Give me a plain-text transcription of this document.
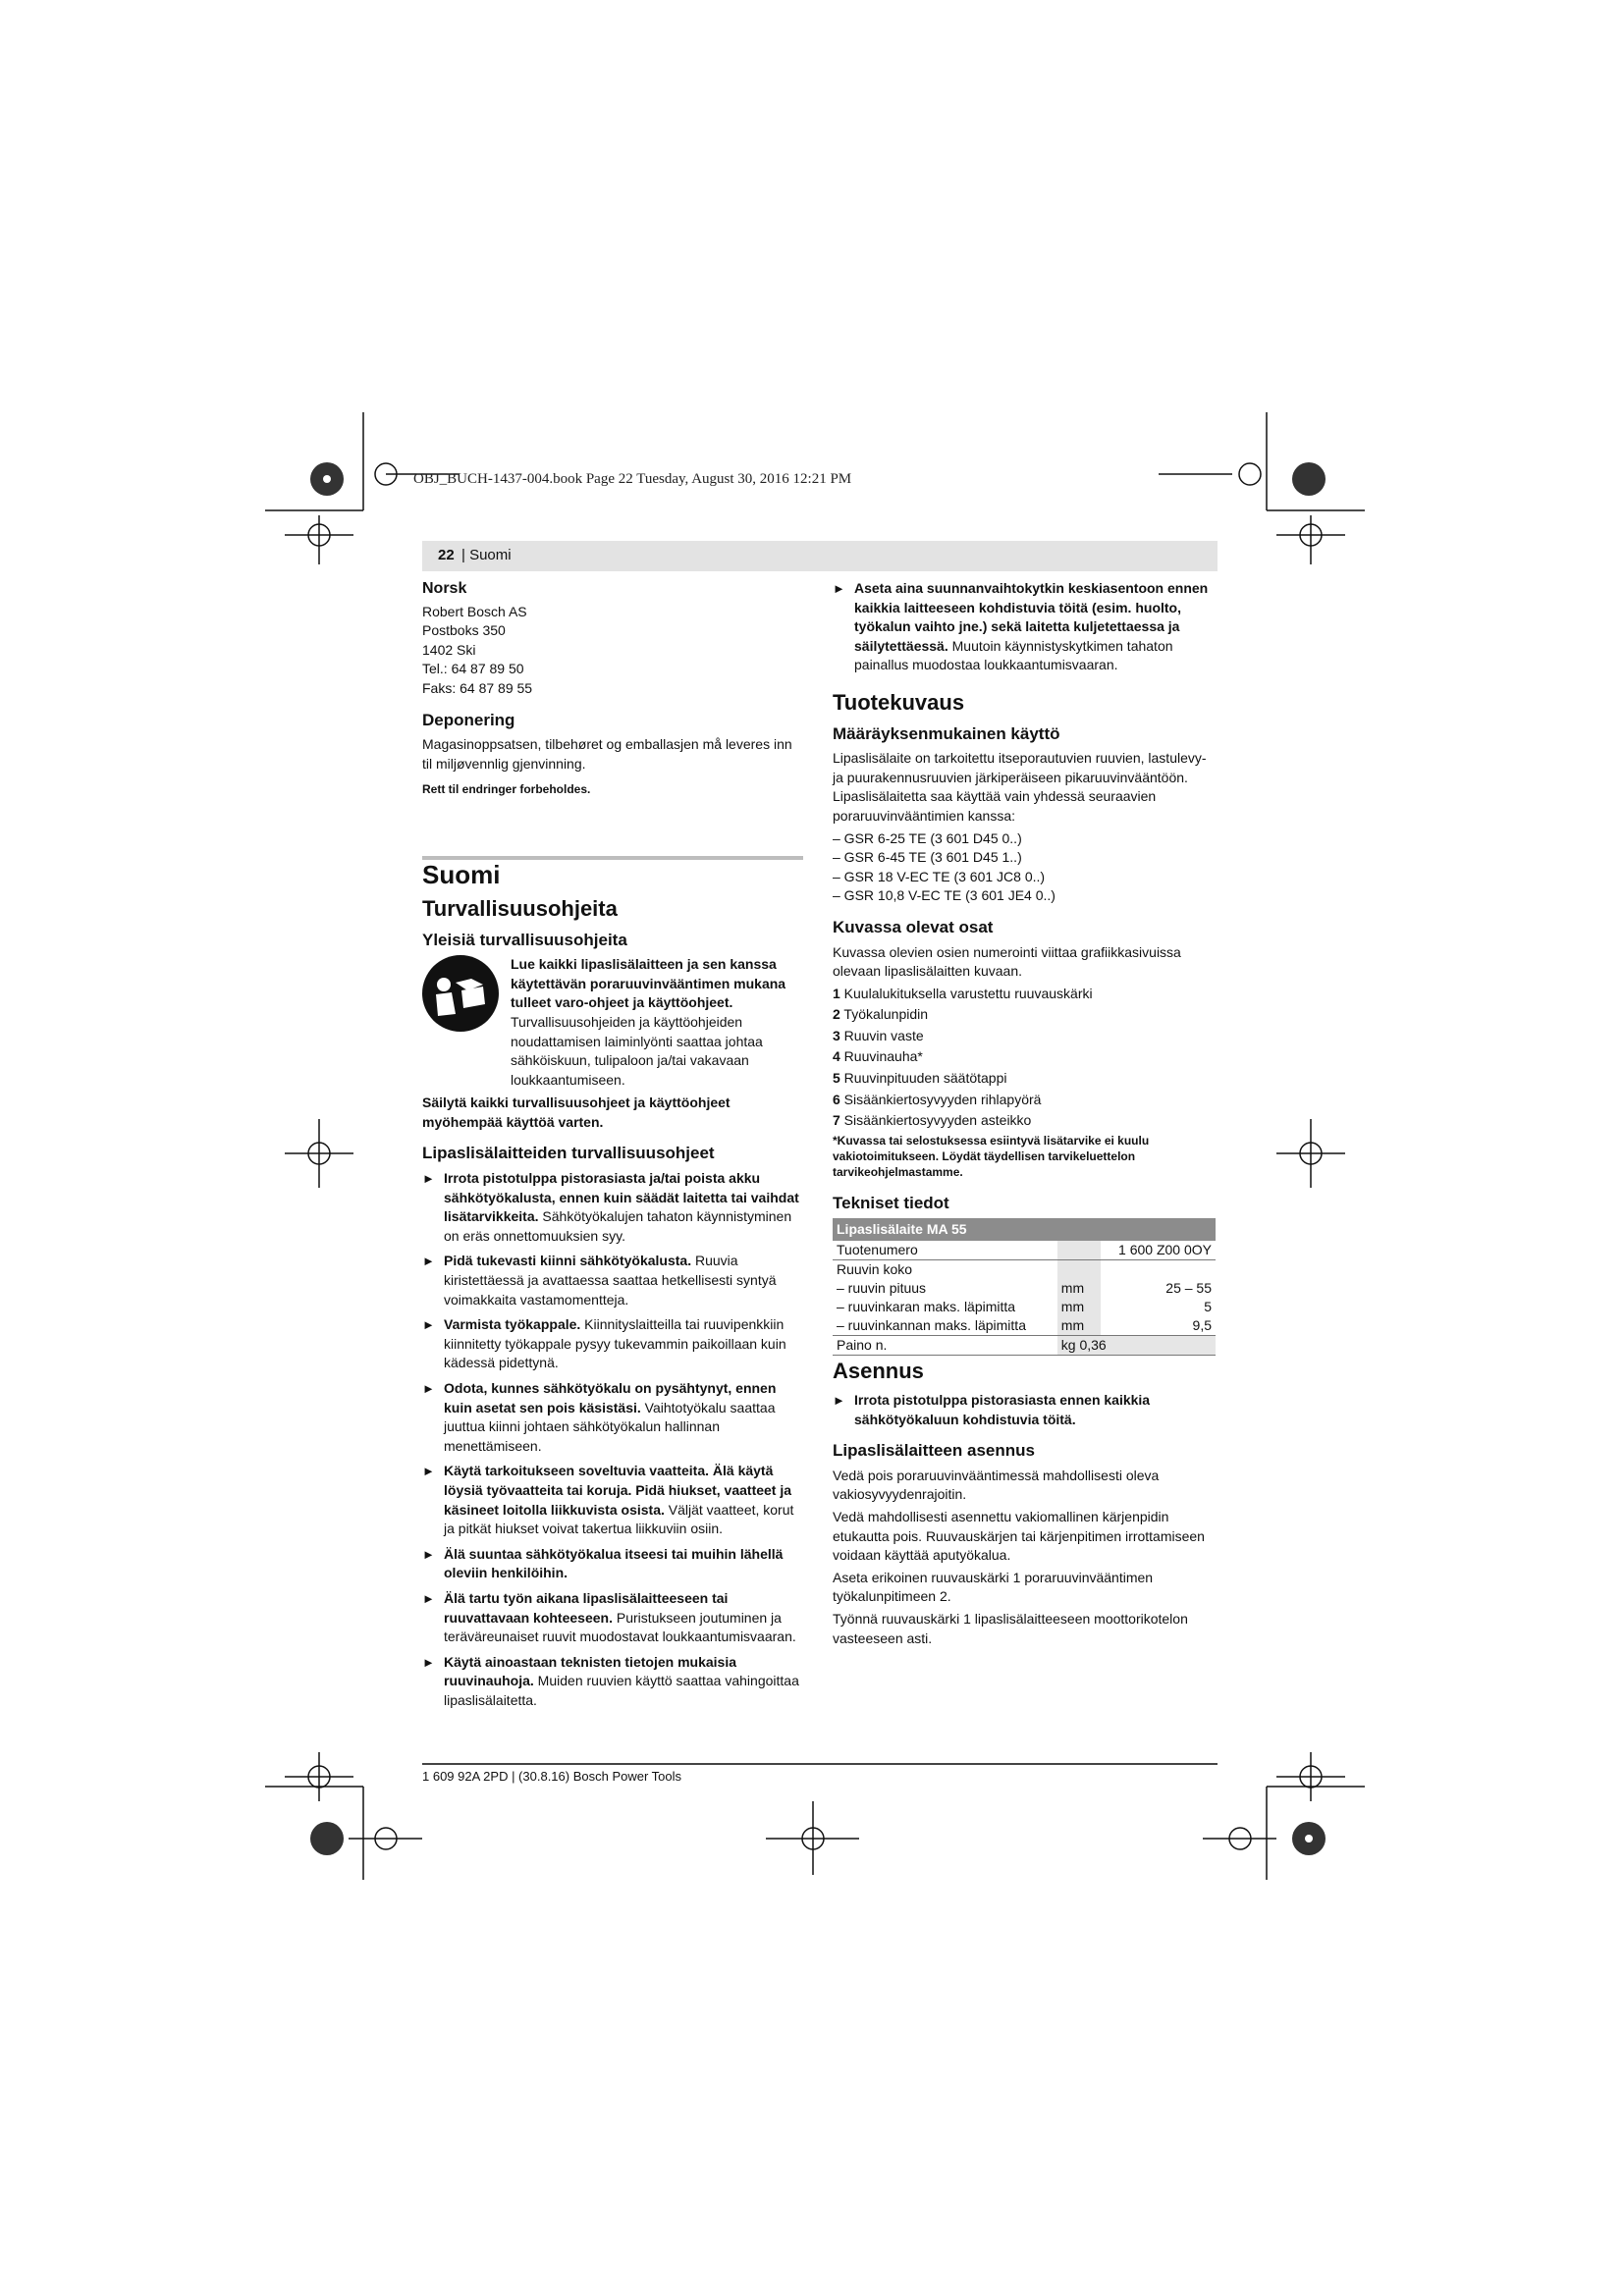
OBJ_BUCH-1437-004.book Page 22 Tuesday, August 30, 2016 12:21 PM
22 | Suomi
Norsk
Robert Bosch AS
Postboks 350
1402 Ski
Tel.: 64 87 89 50
Faks: 64 87 89 55
Deponering

Magasinoppsatsen, tilbehøret og emballasjen må leveres inn til miljøvennlig gjenvinning.

Rett til endringer forbeholdes.

Suomi
Turvallisuusohjeita
Yleisiä turvallisuusohjeita

Lue kaikki lipaslisälaitteen ja sen kanssa käytettävän poraruuvinvääntimen mukana tulleet varo-ohjeet ja käyttöohjeet. Turvallisuusohjeiden ja käyttöohjeiden noudattamisen laiminlyönti saattaa johtaa sähköiskuun, tulipaloon ja/tai vakavaan loukkaantumiseen.

Säilytä kaikki turvallisuusohjeet ja käyttöohjeet myöhempää käyttöä varten.

Lipaslisälaitteiden turvallisuusohjeet
► Irrota pistotulppa pistorasiasta ja/tai poista akku sähkötyökalusta, ennen kuin säädät laitetta tai vaihdat lisätarvikkeita. Sähkötyökalujen tahaton käynnistyminen on eräs onnettomuuksien syy.
► Pidä tukevasti kiinni sähkötyökalusta. Ruuvia kiristettäessä ja avattaessa saattaa hetkellisesti syntyä voimakkaita vastamomentteja.
► Varmista työkappale. Kiinnityslaitteilla tai ruuvipenkkiin kiinnitetty työkappale pysyy tukevammin paikoillaan kuin kädessä pidettynä.
► Odota, kunnes sähkötyökalu on pysähtynyt, ennen kuin asetat sen pois käsistäsi. Vaihtotyökalu saattaa juuttua kiinni johtaen sähkötyökalun hallinnan menettämiseen.
► Käytä tarkoitukseen soveltuvia vaatteita. Älä käytä löysiä työvaatteita tai koruja. Pidä hiukset, vaatteet ja käsineet loitolla liikkuvista osista. Väljät vaatteet, korut ja pitkät hiukset voivat takertua liikkuviin osiin.
► Älä suuntaa sähkötyökalua itseesi tai muihin lähellä oleviin henkilöihin.
► Älä tartu työn aikana lipaslisälaitteeseen tai ruuvattavaan kohteeseen. Puristukseen joutuminen ja terävärеunaiset ruuvit muodostavat loukkaantumisvaaran.
► Käytä ainoastaan teknisten tietojen mukaisia ruuvinauhoja. Muiden ruuvien käyttö saattaa vahingoittaa lipaslisälaitetta.
► Aseta aina suunnanvaihtokytkin keskiasentoon ennen kaikkia laitteeseen kohdistuvia töitä (esim. huolto, työkalun vaihto jne.) sekä laitetta kuljetettaessa ja säilytettäessä. Muutoin käynnistyskytkimen tahaton painallus muodostaa loukkaantumisvaaran.
Tuotekuvaus
Määräyksenmukainen käyttö

Lipaslisälaite on tarkoitettu itseporautuvien ruuvien, lastulevy- ja puurakennusruuvien järkiperäiseen pikaruuvinvääntöön. Lipaslisälaitetta saa käyttää vain yhdessä seuraavien poraruuvinvääntimien kanssa:

– GSR 6-25 TE (3 601 D45 0..)
– GSR 6-45 TE (3 601 D45 1..)
– GSR 18 V-EC TE (3 601 JC8 0..)
– GSR 10,8 V-EC TE (3 601 JE4 0..)
Kuvassa olevat osat

Kuvassa olevien osien numerointi viittaa grafiikkasivuissa olevaan lipaslisälaitten kuvaan.

1 Kuulalukituksella varustettu ruuvauskärki

2 Työkalunpidin

3 Ruuvin vaste

4 Ruuvinauha*

5 Ruuvinpituuden säätötappi

6 Sisäänkiertosyvyyden rihlapyörä

7 Sisäänkiertosyvyyden asteikko

*Kuvassa tai selostuksessa esiintyvä lisätarvike ei kuulu vakiotoimitukseen. Löydät täydellisen tarvikeluettelon tarvikeohjelmastamme.

Tekniset tiedot
Lipaslisälaite MA 55		
Tuotenumero		1 600 Z00 0OY
Ruuvin koko		
– ruuvin pituus	mm	25 – 55
– ruuvinkaran maks. läpimitta	mm	5
– ruuvinkannan maks. läpimitta	mm	9,5
Paino n.	kg 0,36	
Asennus
► Irrota pistotulppa pistorasiasta ennen kaikkia sähkötyökaluun kohdistuvia töitä.
Lipaslisälaitteen asennus

Vedä pois poraruuvinvääntimessä mahdollisesti oleva vakiosyvyydenrajoitin.

Vedä mahdollisesti asennettu vakiomallinen kärjenpidin etukautta pois. Ruuvauskärjen tai kärjenpitimen irrottamiseen voidaan käyttää aputyökalua.

Aseta erikoinen ruuvauskärki 1 poraruuvinvääntimen työkalunpitimeen 2.

Työnnä ruuvauskärki 1 lipaslisälaitteeseen moottorikotelon vasteeseen asti.

1 609 92A 2PD | (30.8.16) Bosch Power Tools
